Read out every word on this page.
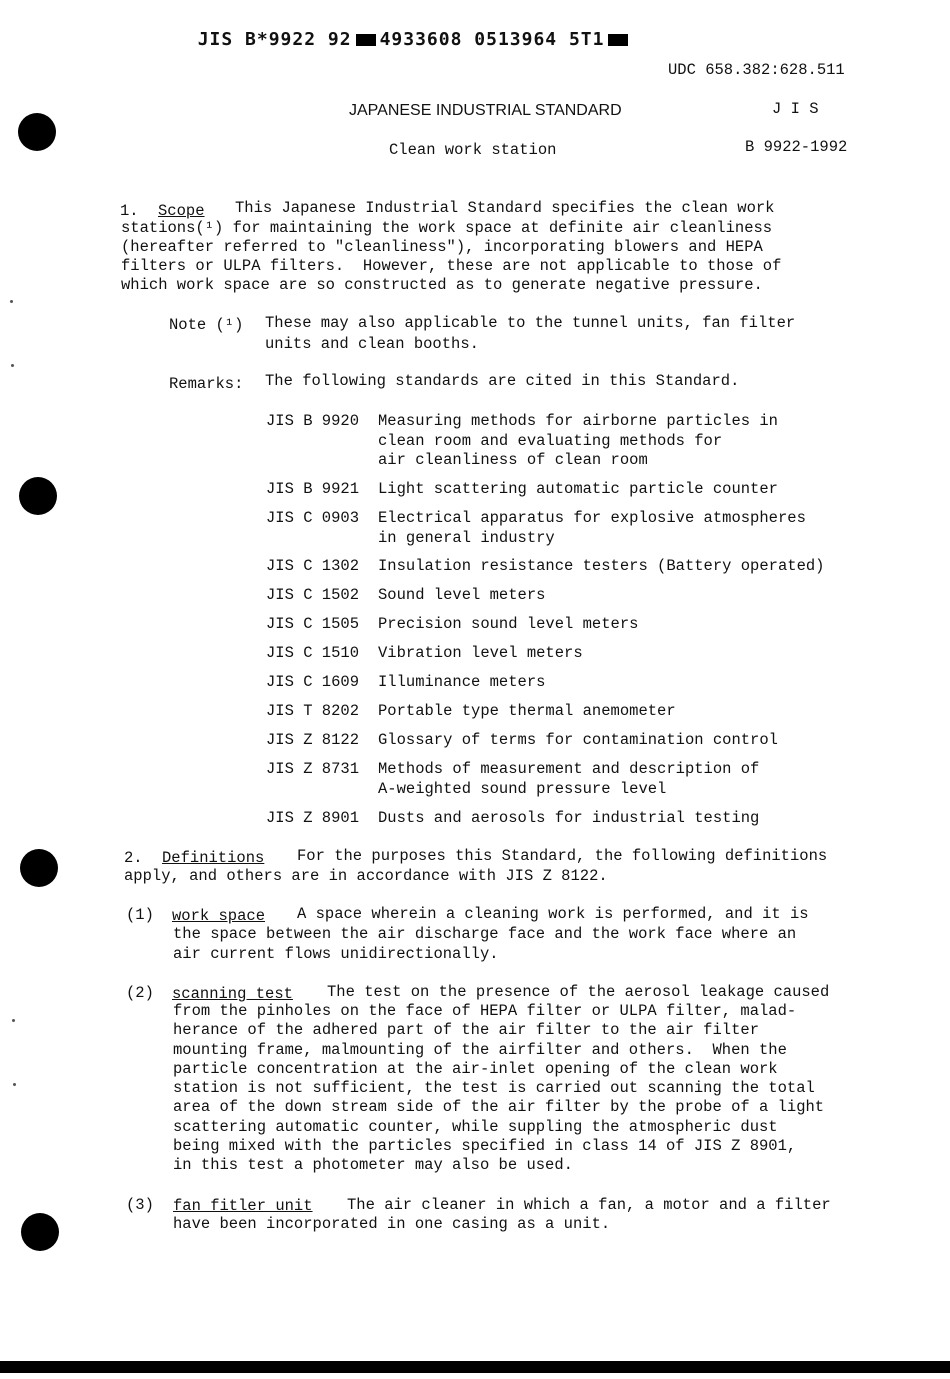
JIS B*9922 92 4933608 0513964 5T1

UDC 658.382:628.511
JAPANESE INDUSTRIAL STANDARD	J I S
Clean work station	B 9922-1992
1. Scope This Japanese Industrial Standard specifies the clean work
stations(¹) for maintaining the work space at definite air cleanliness
(hereafter referred to "cleanliness"), incorporating blowers and HEPA
filters or ULPA filters.  However, these are not applicable to those of
which work space are so constructed as to generate negative pressure.
Note (¹) These may also applicable to the tunnel units, fan filter
units and clean booths.
Remarks: The following standards are cited in this Standard.
JIS B 9920 Measuring methods for airborne particles in
clean room and evaluating methods for
air cleanliness of clean room
JIS B 9921 Light scattering automatic particle counter
JIS C 0903 Electrical apparatus for explosive atmospheres
in general industry
JIS C 1302 Insulation resistance testers (Battery operated)
JIS C 1502 Sound level meters
JIS C 1505 Precision sound level meters
JIS C 1510 Vibration level meters
JIS C 1609 Illuminance meters
JIS T 8202 Portable type thermal anemometer
JIS Z 8122 Glossary of terms for contamination control
JIS Z 8731 Methods of measurement and description of
A-weighted sound pressure level
JIS Z 8901 Dusts and aerosols for industrial testing
2. Definitions For the purposes this Standard, the following definitions
apply, and others are in accordance with JIS Z 8122.
(1) work space A space wherein a cleaning work is performed, and it is
the space between the air discharge face and the work face where an
air current flows unidirectionally.
(2) scanning test The test on the presence of the aerosol leakage caused
from the pinholes on the face of HEPA filter or ULPA filter, malad-
herance of the adhered part of the air filter to the air filter
mounting frame, malmounting of the airfilter and others.  When the
particle concentration at the air-inlet opening of the clean work
station is not sufficient, the test is carried out scanning the total
area of the down stream side of the air filter by the probe of a light
scattering automatic counter, while suppling the atmospheric dust
being mixed with the particles specified in class 14 of JIS Z 8901,
in this test a photometer may also be used.
(3) fan fitler unit The air cleaner in which a fan, a motor and a filter
have been incorporated in one casing as a unit.
